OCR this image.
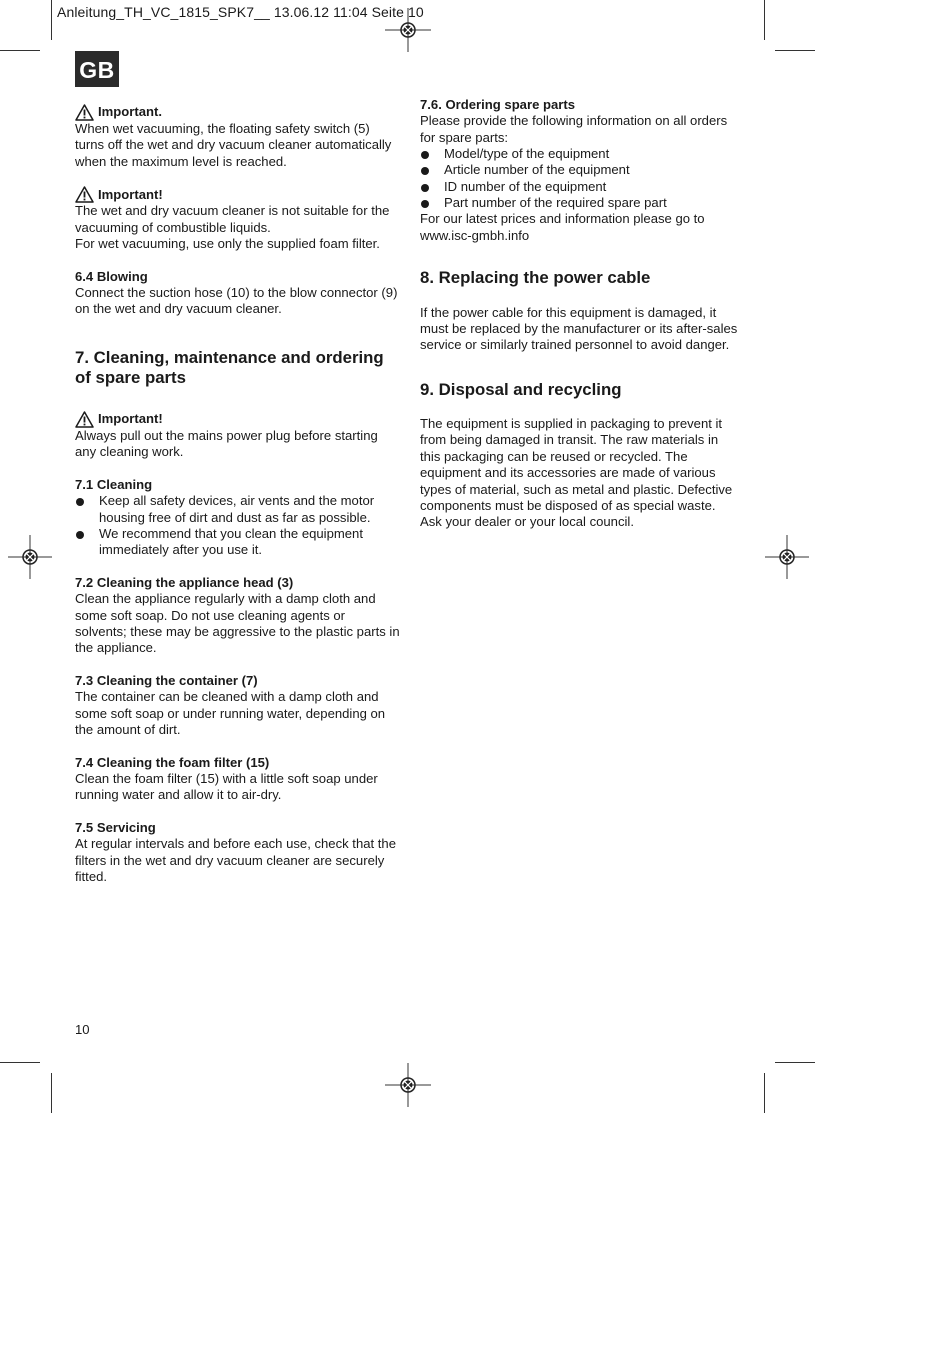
Anleitung_TH_VC_1815_SPK7__ 13.06.12 11:04 Seite 10
GB

Important.

When wet vacuuming, the floating safety switch (5) turns off the wet and dry vacuum cleaner automatically when the maximum level is reached.

Important!

The wet and dry vacuum cleaner is not suitable for the vacuuming of combustible liquids.

For wet vacuuming, use only the supplied foam filter.

6.4 Blowing

Connect the suction hose (10) to the blow connector (9) on the wet and dry vacuum cleaner.

7. Cleaning, maintenance and ordering of spare parts

Important!

Always pull out the mains power plug before starting any cleaning work.

7.1 Cleaning

Keep all safety devices, air vents and the motor housing free of dirt and dust as far as possible.
We recommend that you clean the equipment immediately after you use it.

7.2 Cleaning the appliance head (3)

Clean the appliance regularly with a damp cloth and some soft soap. Do not use cleaning agents or solvents; these may be aggressive to the plastic parts in the appliance.

7.3 Cleaning the container (7)

The container can be cleaned with a damp cloth and some soft soap or under running water, depending on the amount of dirt.

7.4 Cleaning the foam filter (15)

Clean the foam filter (15) with a little soft soap under running water and allow it to air-dry.

7.5 Servicing

At regular intervals and before each use, check that the filters in the wet and dry vacuum cleaner are securely fitted.

7.6. Ordering spare parts

Please provide the following information on all orders for spare parts:

Model/type of the equipment
Article number of the equipment
ID number of the equipment
Part number of the required spare part

For our latest prices and information please go to www.isc-gmbh.info

8. Replacing the power cable

If the power cable for this equipment is damaged, it must be replaced by the manufacturer or its after-sales service or similarly trained personnel to avoid danger.

9. Disposal and recycling

The equipment is supplied in packaging to prevent it from being damaged in transit. The raw materials in this packaging can be reused or recycled. The equipment and its accessories are made of various types of material, such as metal and plastic. Defective components must be disposed of as special waste. Ask your dealer or your local council.

10
